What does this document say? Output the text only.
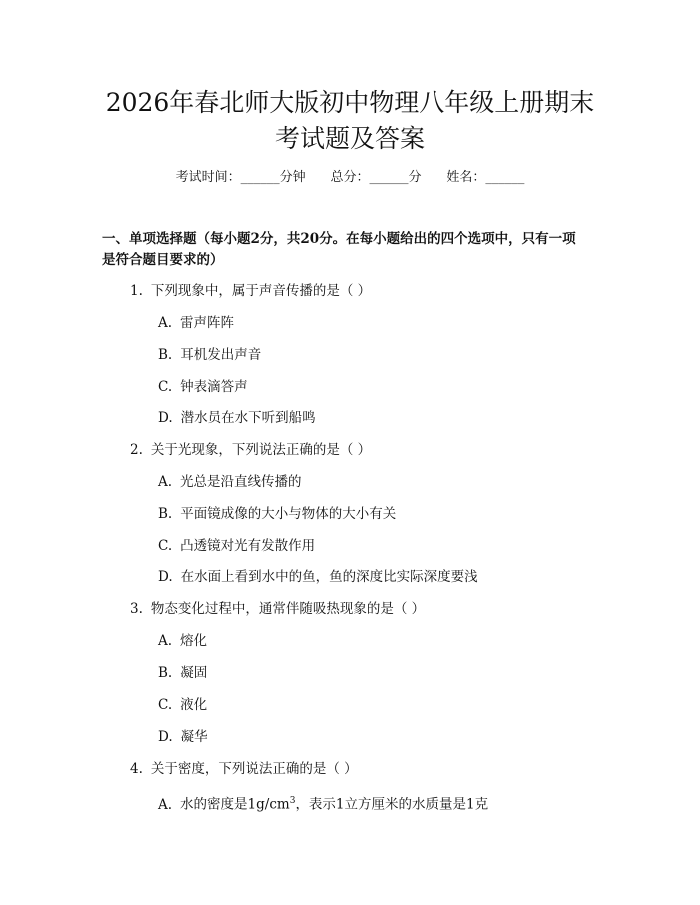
2026年春北师大版初中物理八年级上册期末
考试题及答案
考试时间：______分钟 总分：______分 姓名：______
一、单项选择题（每小题2分，共20分。在每小题给出的四个选项中，只有一项
是符合题目要求的）
1. 下列现象中，属于声音传播的是（ ）
A. 雷声阵阵
B. 耳机发出声音
C. 钟表滴答声
D. 潜水员在水下听到船鸣
2. 关于光现象，下列说法正确的是（ ）
A. 光总是沿直线传播的
B. 平面镜成像的大小与物体的大小有关
C. 凸透镜对光有发散作用
D. 在水面上看到水中的鱼，鱼的深度比实际深度要浅
3. 物态变化过程中，通常伴随吸热现象的是（ ）
A. 熔化
B. 凝固
C. 液化
D. 凝华
4. 关于密度，下列说法正确的是（ ）
A. 水的密度是$1g/cm^3$，表示1立方厘米的水质量是1克
